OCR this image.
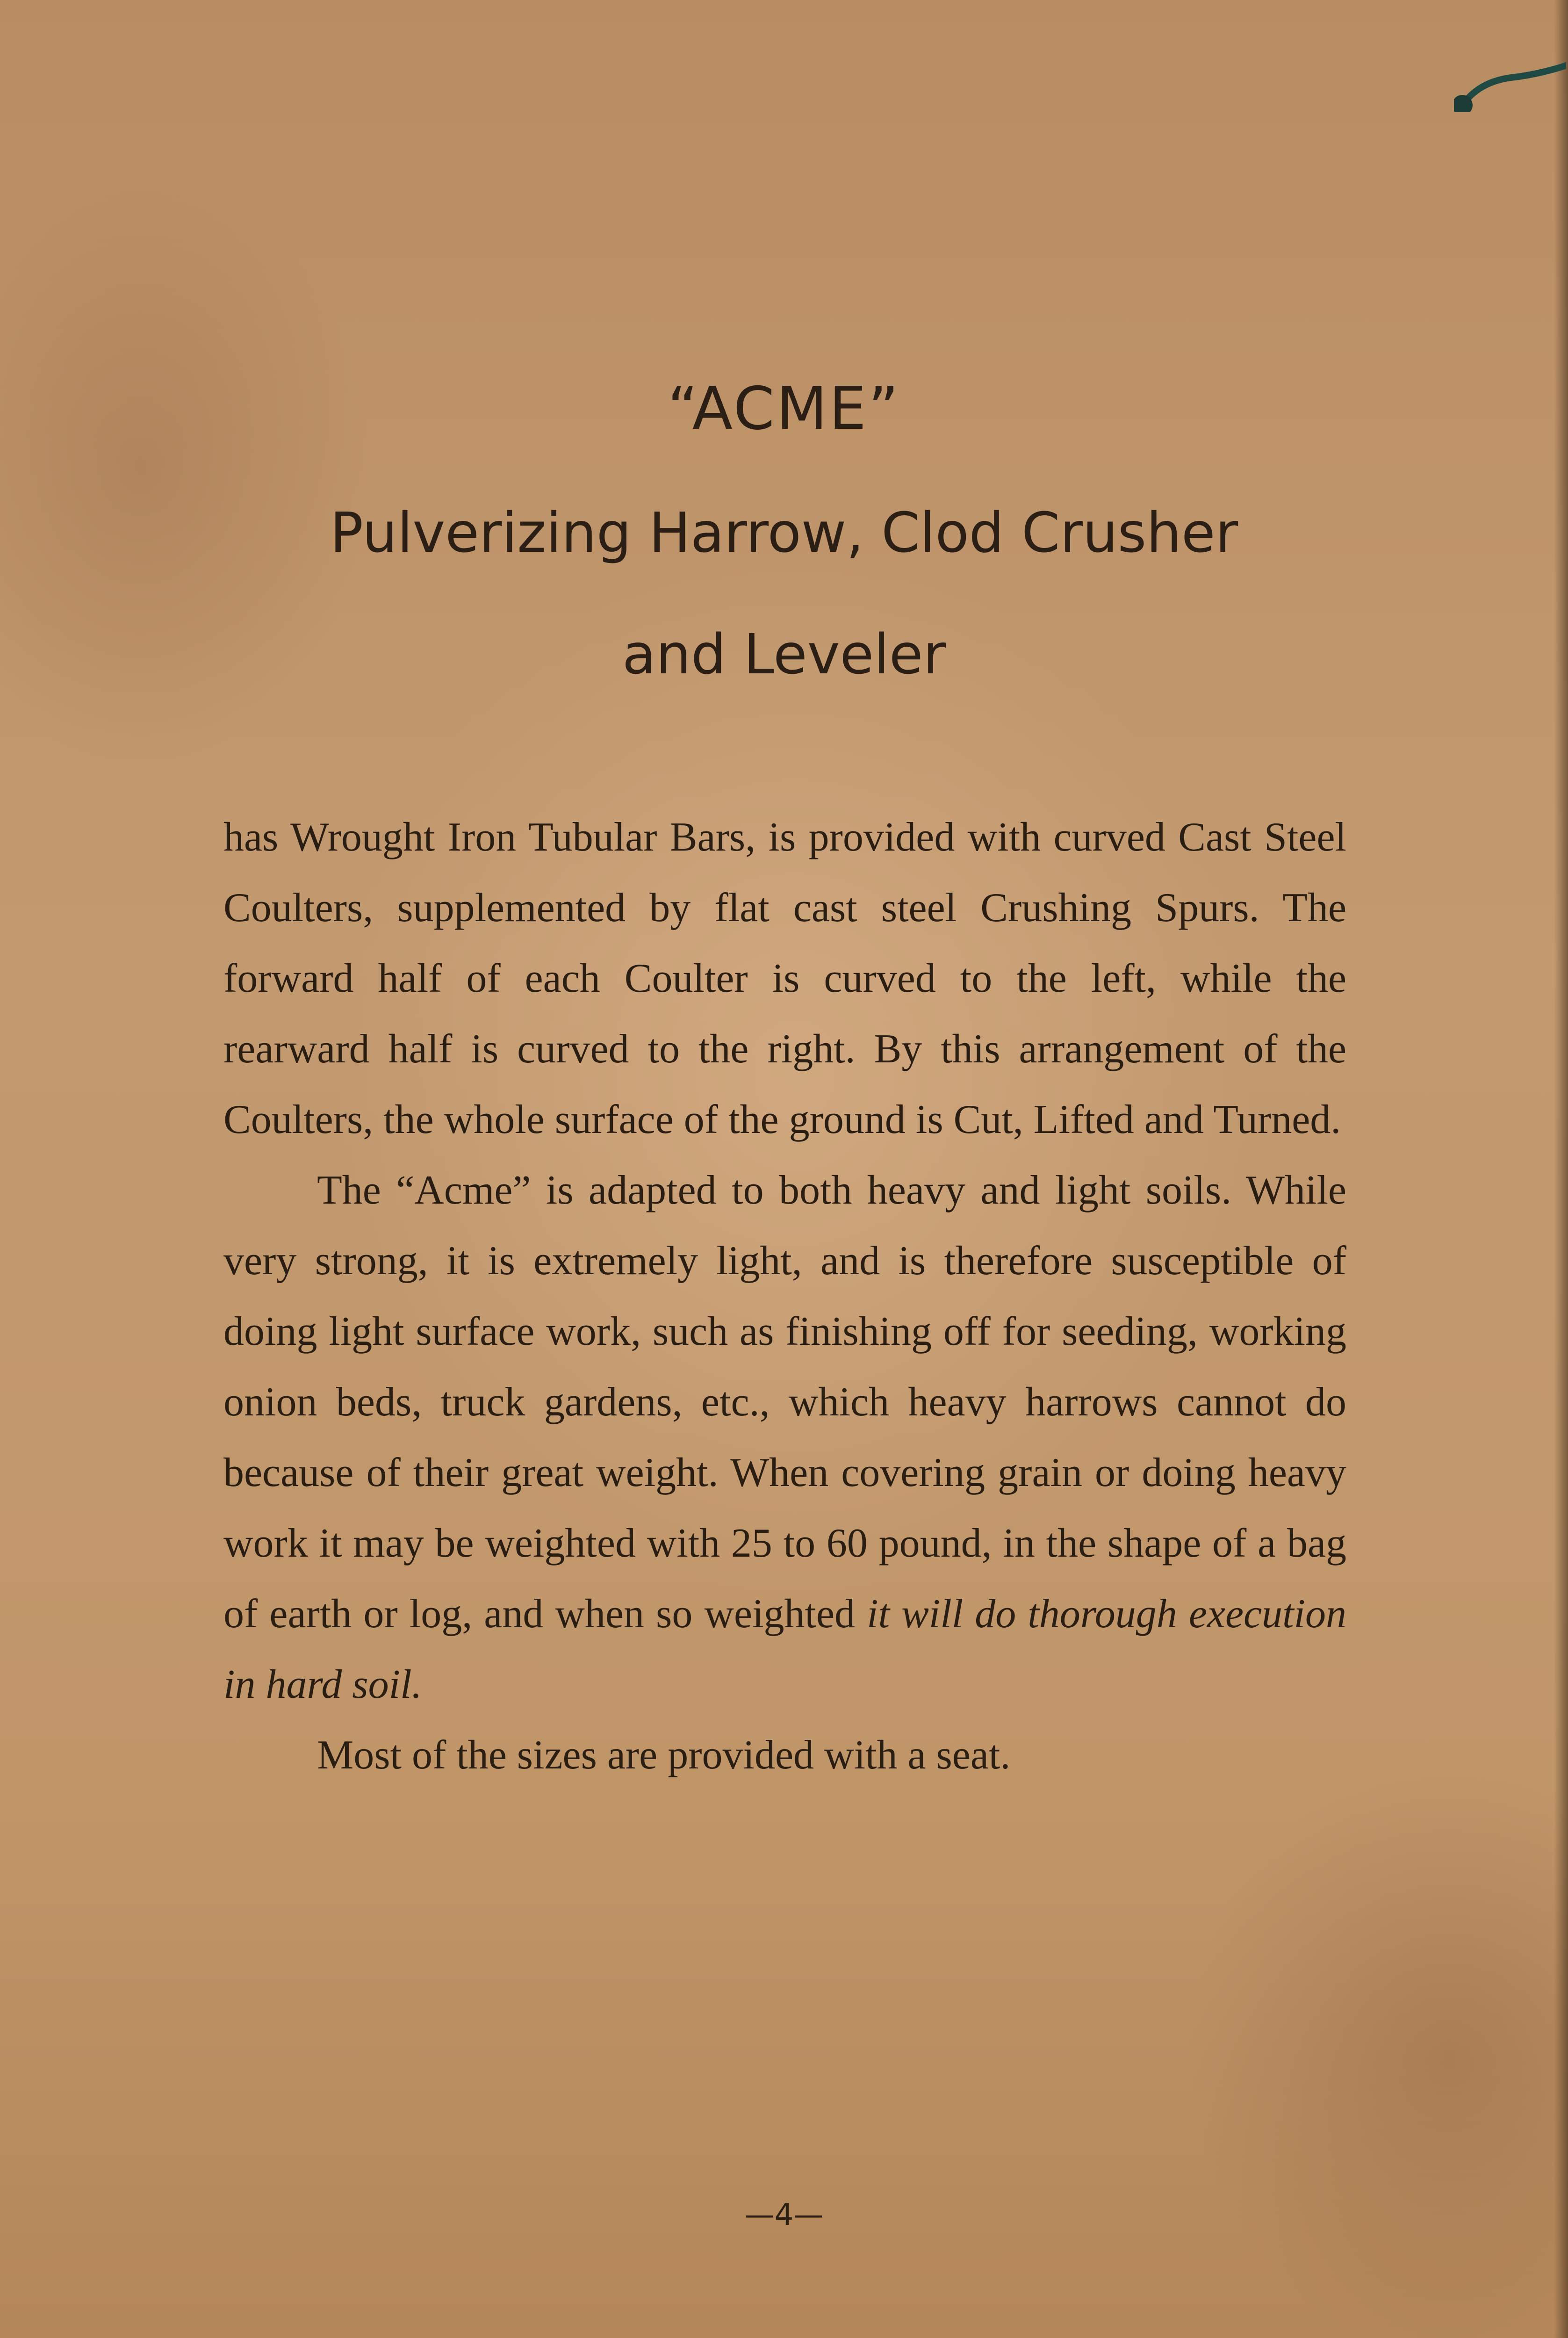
“ACME”
Pulverizing Harrow, Clod Crusher
and Leveler

has Wrought Iron Tubular Bars, is provided with curved Cast Steel Coulters, supplemented by flat cast steel Crushing Spurs. The forward half of each Coulter is curved to the left, while the rearward half is curved to the right. By this arrangement of the Coulters, the whole surface of the ground is Cut, Lifted and Turned.

The “Acme” is adapted to both heavy and light soils. While very strong, it is extremely light, and is therefore susceptible of doing light surface work, such as finishing off for seeding, working onion beds, truck gardens, etc., which heavy harrows cannot do because of their great weight. When covering grain or doing heavy work it may be weighted with 25 to 60 pound, in the shape of a bag of earth or log, and when so weighted it will do thorough execution in hard soil.

Most of the sizes are provided with a seat.

—4—
